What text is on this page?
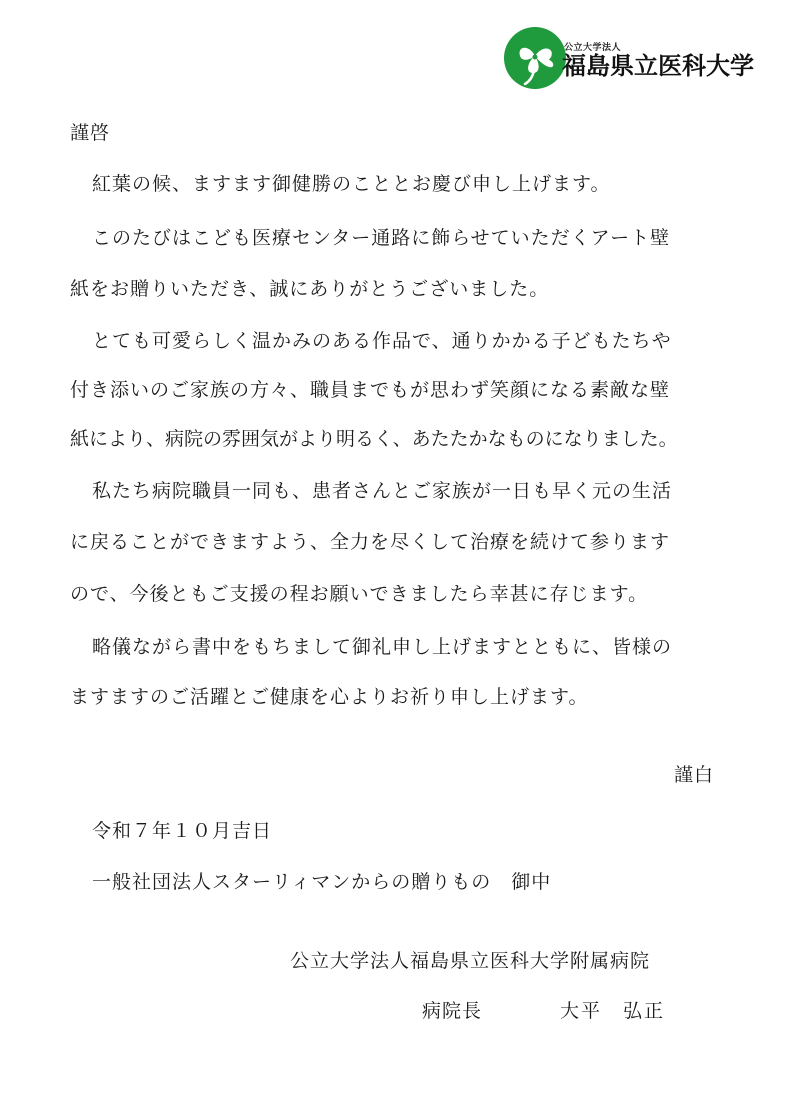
公立大学法人
福島県立医科大学
謹啓
紅葉の候、ますます御健勝のこととお慶び申し上げます。
このたびはこども医療センター通路に飾らせていただくアート壁
紙をお贈りいただき、誠にありがとうございました。
とても可愛らしく温かみのある作品で、通りかかる子どもたちや
付き添いのご家族の方々、職員までもが思わず笑顔になる素敵な壁
紙により、病院の雰囲気がより明るく、あたたかなものになりました。
私たち病院職員一同も、患者さんとご家族が一日も早く元の生活
に戻ることができますよう、全力を尽くして治療を続けて参ります
ので、今後ともご支援の程お願いできましたら幸甚に存じます。
略儀ながら書中をもちまして御礼申し上げますとともに、皆様の
ますますのご活躍とご健康を心よりお祈り申し上げます。
謹白
令和７年１０月吉日
一般社団法人スターリィマンからの贈りもの　御中
公立大学法人福島県立医科大学附属病院
病院長	大平　弘正
